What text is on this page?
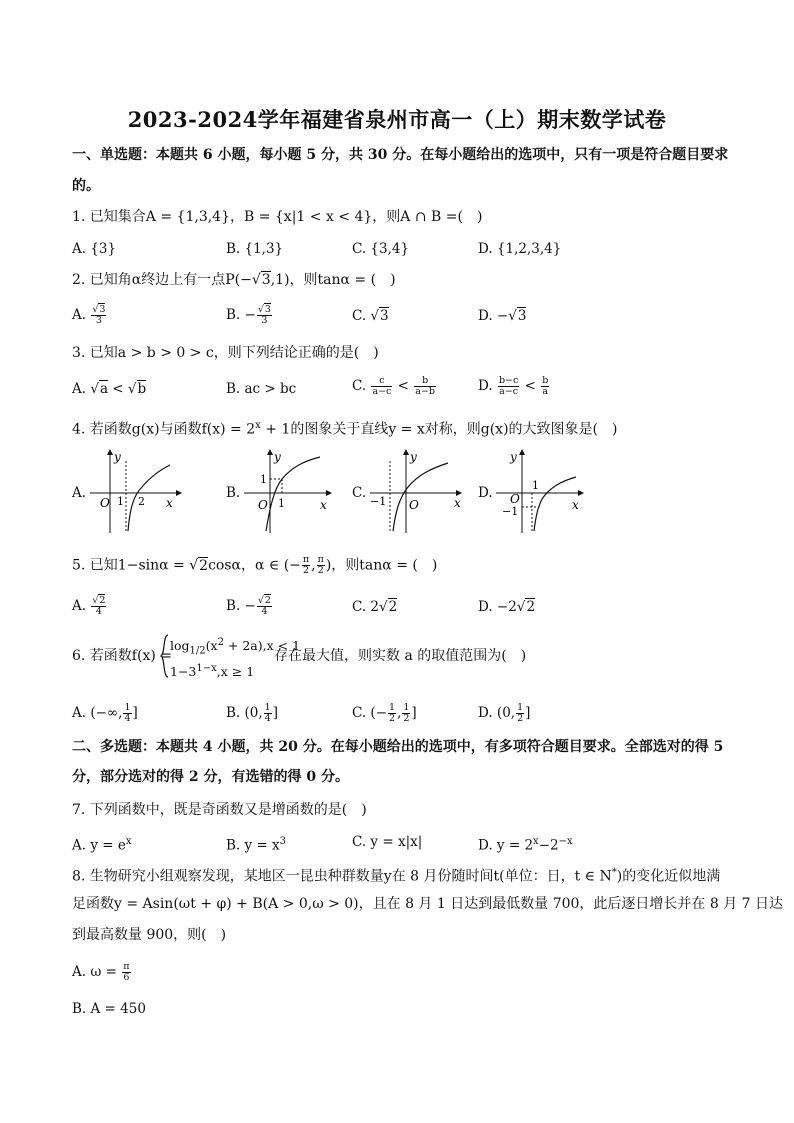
2023-2024学年福建省泉州市高一（上）期末数学试卷
一、单选题：本题共 6 小题，每小题 5 分，共 30 分。在每小题给出的选项中，只有一项是符合题目要求
的。
1. 已知集合A = {1,3,4}，B = {x|1 < x < 4}，则A ∩ B =(　)
A. {3}	B. {1,3}	C. {3,4}	D. {1,2,3,4}
2. 已知角α终边上有一点P(−√3,1)，则tanα = (　)
A. $\frac{√3}{3}$	B. − $\frac{√3}{3}$	C. √3	D. −√3
3. 已知a > b > 0 > c，则下列结论正确的是(　)
A. √a < √b	B. ac > bc	C. $\frac{c}{a-c} < \frac{b}{a-b}$	D. $\frac{b-c}{a-c} < \frac{b}{a}$
4. 若函数g(x)与函数$f(x) = 2^x + 1$的图象关于直线y = x对称，则g(x)的大致图象是(　)
A.
y
x
O 1 2
B.
y
x
O
1
1
C.
y
x
−1 O
D.
y
x
O
1
−1
5. 已知1−sinα = √2cosα，α ∈ (− $\frac{\pi}{2}$ , $\frac{\pi}{2}$ )，则tanα = (　)
A. $\frac{√2}{4}$	B. − $\frac{√2}{4}$	C. 2√2	D. −2√2
6. 若函数f(x) =
$\log_{1/2}(x^2 + 2a),x < 1$
$1-3^{1-x},x \ge 1$
存在最大值，则实数 a 的取值范围为(　)
A. (−∞, $\frac{1}{4}$ ]	B. (0, $\frac{1}{4}$ ]	C. (− $\frac{1}{2}$ , $\frac{1}{2}$ ]	D. (0, $\frac{1}{2}$ ]
二、多选题：本题共 4 小题，共 20 分。在每小题给出的选项中，有多项符合题目要求。全部选对的得 5
分，部分选对的得 2 分，有选错的得 0 分。
7. 下列函数中，既是奇函数又是增函数的是(　)
A. $y = e^x$	B. $y = x^3$	C. y = x|x|	D. $y = 2^x-2^{-x}$
8. 生物研究小组观察发现，某地区一昆虫种群数量y在 8 月份随时间t(单位：日，t ∈ N*)的变化近似地满
足函数y = Asin(ωt + φ) + B(A > 0,ω > 0)，且在 8 月 1 日达到最低数量 700，此后逐日增长并在 8 月 7 日达
到最高数量 900，则(　)
A. $\omega = \frac{\pi}{6}$
B. A = 450
